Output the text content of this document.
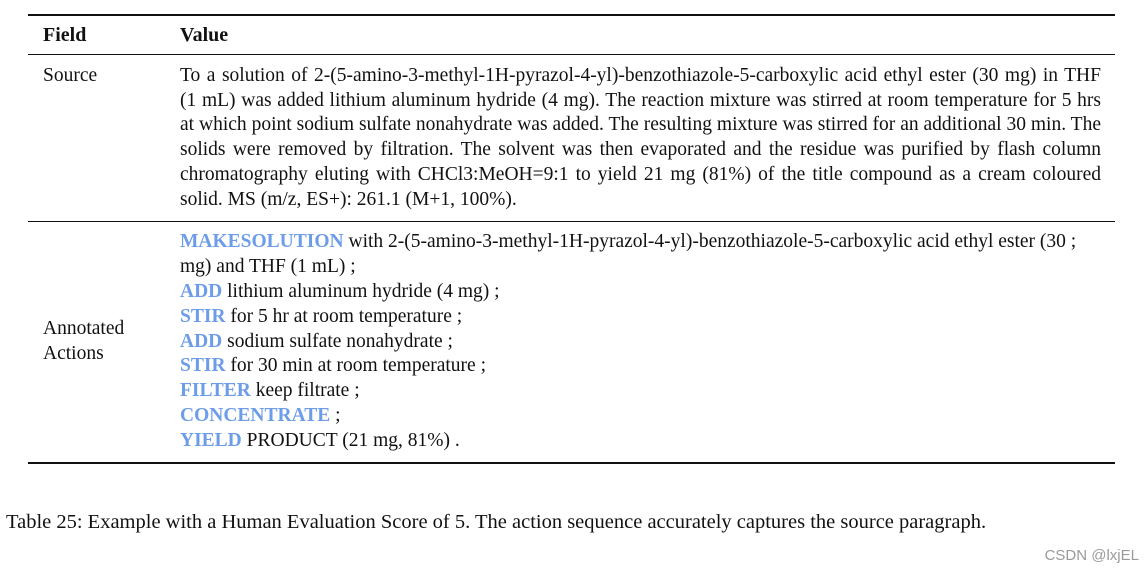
Field	Value
Source	To a solution of 2-(5-amino-3-methyl-1H-pyrazol-4-yl)-benzothiazole-5-carboxylic acid ethyl ester (30 mg) in THF (1 mL) was added lithium aluminum hydride (4 mg). The reaction mixture was stirred at room temperature for 5 hrs at which point sodium sulfate nonahydrate was added. The resulting mixture was stirred for an additional 30 min. The solids were removed by filtration. The solvent was then evaporated and the residue was purified by flash column chromatography eluting with CHCl3:MeOH=9:1 to yield 21 mg (81%) of the title compound as a cream coloured solid. MS (m/z, ES+): 261.1 (M+1, 100%).
Annotated
Actions
MAKESOLUTION with 2-(5-amino-3-methyl-1H-pyrazol-4-yl)-benzothiazole-5-carboxylic acid ethyl ester (30 ; mg) and THF (1 mL) ;
ADD lithium aluminum hydride (4 mg) ;
STIR for 5 hr at room temperature ;
ADD sodium sulfate nonahydrate ;
STIR for 30 min at room temperature ;
FILTER keep filtrate ;
CONCENTRATE ;
YIELD PRODUCT (21 mg, 81%) .
Table 25: Example with a Human Evaluation Score of 5. The action sequence accurately captures the source paragraph.
CSDN @lxjEL
